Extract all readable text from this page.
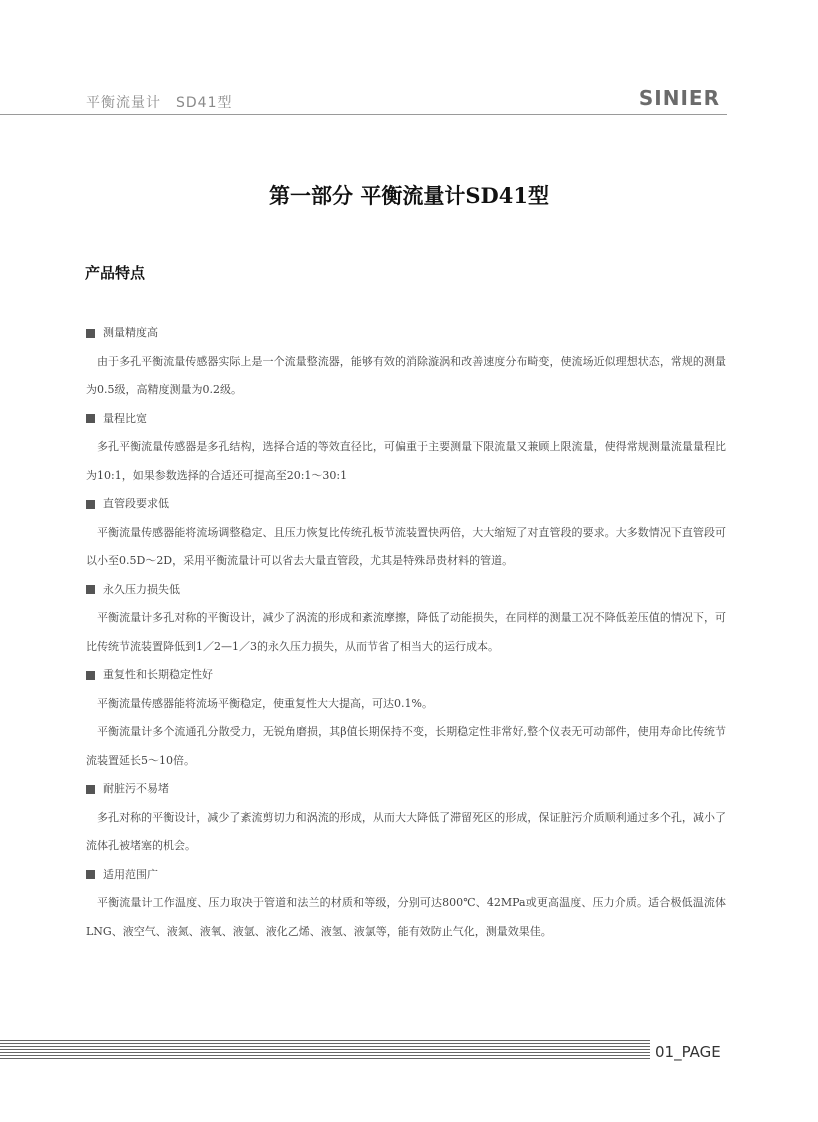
平衡流量计　SD41型	SINIER
第一部分 平衡流量计SD41型
产品特点
测量精度高
由于多孔平衡流量传感器实际上是一个流量整流器，能够有效的消除漩涡和改善速度分布畸变，使流场近似理想状态，常规的测量为0.5级，高精度测量为0.2级。
量程比宽
多孔平衡流量传感器是多孔结构，选择合适的等效直径比，可偏重于主要测量下限流量又兼顾上限流量，使得常规测量流量量程比为10:1，如果参数选择的合适还可提高至20:1～30:1
直管段要求低
平衡流量传感器能将流场调整稳定、且压力恢复比传统孔板节流装置快两倍，大大缩短了对直管段的要求。大多数情况下直管段可以小至0.5D～2D，采用平衡流量计可以省去大量直管段，尤其是特殊昂贵材料的管道。
永久压力损失低
平衡流量计多孔对称的平衡设计，减少了涡流的形成和紊流摩擦，降低了动能损失，在同样的测量工况不降低差压值的情况下，可比传统节流装置降低到1／2—1／3的永久压力损失，从而节省了相当大的运行成本。
重复性和长期稳定性好
平衡流量传感器能将流场平衡稳定，使重复性大大提高，可达0.1%。
平衡流量计多个流通孔分散受力，无锐角磨损，其β值长期保持不变，长期稳定性非常好,整个仪表无可动部件，使用寿命比传统节流装置延长5～10倍。
耐脏污不易堵
多孔对称的平衡设计，减少了紊流剪切力和涡流的形成，从而大大降低了滞留死区的形成，保证脏污介质顺利通过多个孔，减小了流体孔被堵塞的机会。
适用范围广
平衡流量计工作温度、压力取决于管道和法兰的材质和等级，分别可达800℃、42MPa或更高温度、压力介质。适合极低温流体LNG、液空气、液氮、液氧、液氩、液化乙烯、液氢、液氯等，能有效防止气化，测量效果佳。
01_PAGE
